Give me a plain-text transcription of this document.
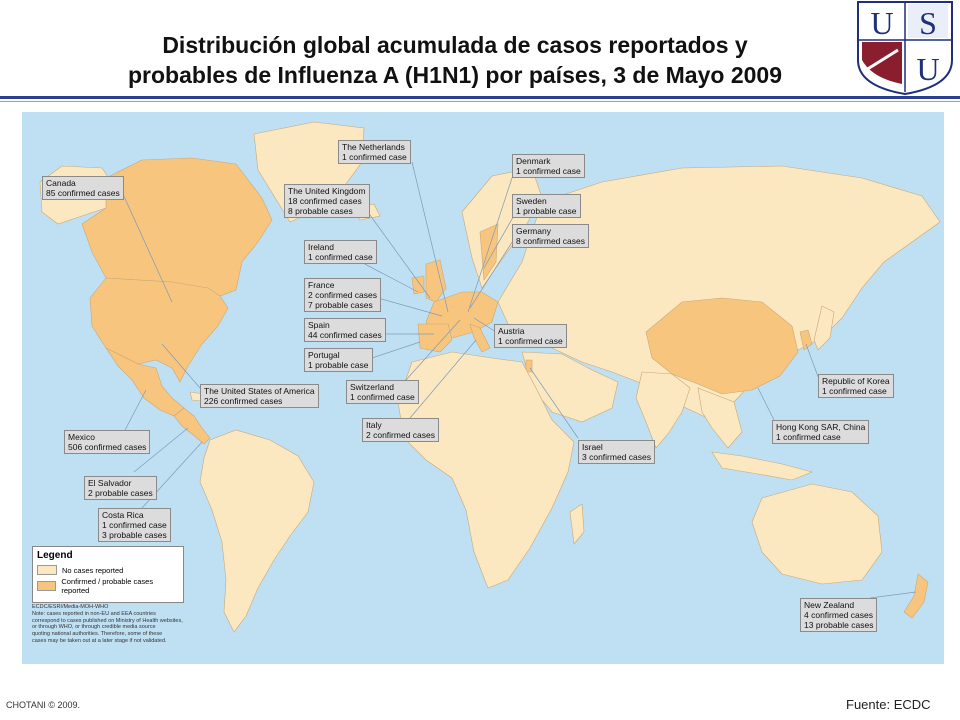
Distribución global acumulada de casos reportados y
probables de Influenza A (H1N1) por países, 3 de Mayo 2009
U S
U
Canada
85 confirmed cases
The Netherlands
1 confirmed case	Denmark
1 confirmed case
The United Kingdom
18 confirmed cases
8 probable cases
Sweden
1 probable case
Germany
8 confirmed cases
Ireland
1 confirmed case
France
2 confirmed cases
7 probable cases
Spain
44 confirmed cases	Austria
1 confirmed case
Portugal
1 probable case
The United States of America
226 confirmed cases
Switzerland
1 confirmed case
Republic of Korea
1 confirmed case
Hong Kong SAR, China
1 confirmed case
Mexico
506 confirmed cases
Italy
2 confirmed cases
Israel
3 confirmed cases
El Salvador
2 probable cases
Costa Rica
1 confirmed case
3 probable cases
New Zealand
4 confirmed cases
13 probable cases
Legend
No cases reported
Confirmed / probable cases reported
ECDC/ESRI/Media-MOH-WHO
Note: cases reported in non-EU and EEA countries
correspond to cases published on Ministry of Health websites,
or through WHO, or through credible media source
quoting national authorities. Therefore, some of these
cases may be taken out at a later stage if not validated.
CHOTANI © 2009.	Fuente: ECDC
